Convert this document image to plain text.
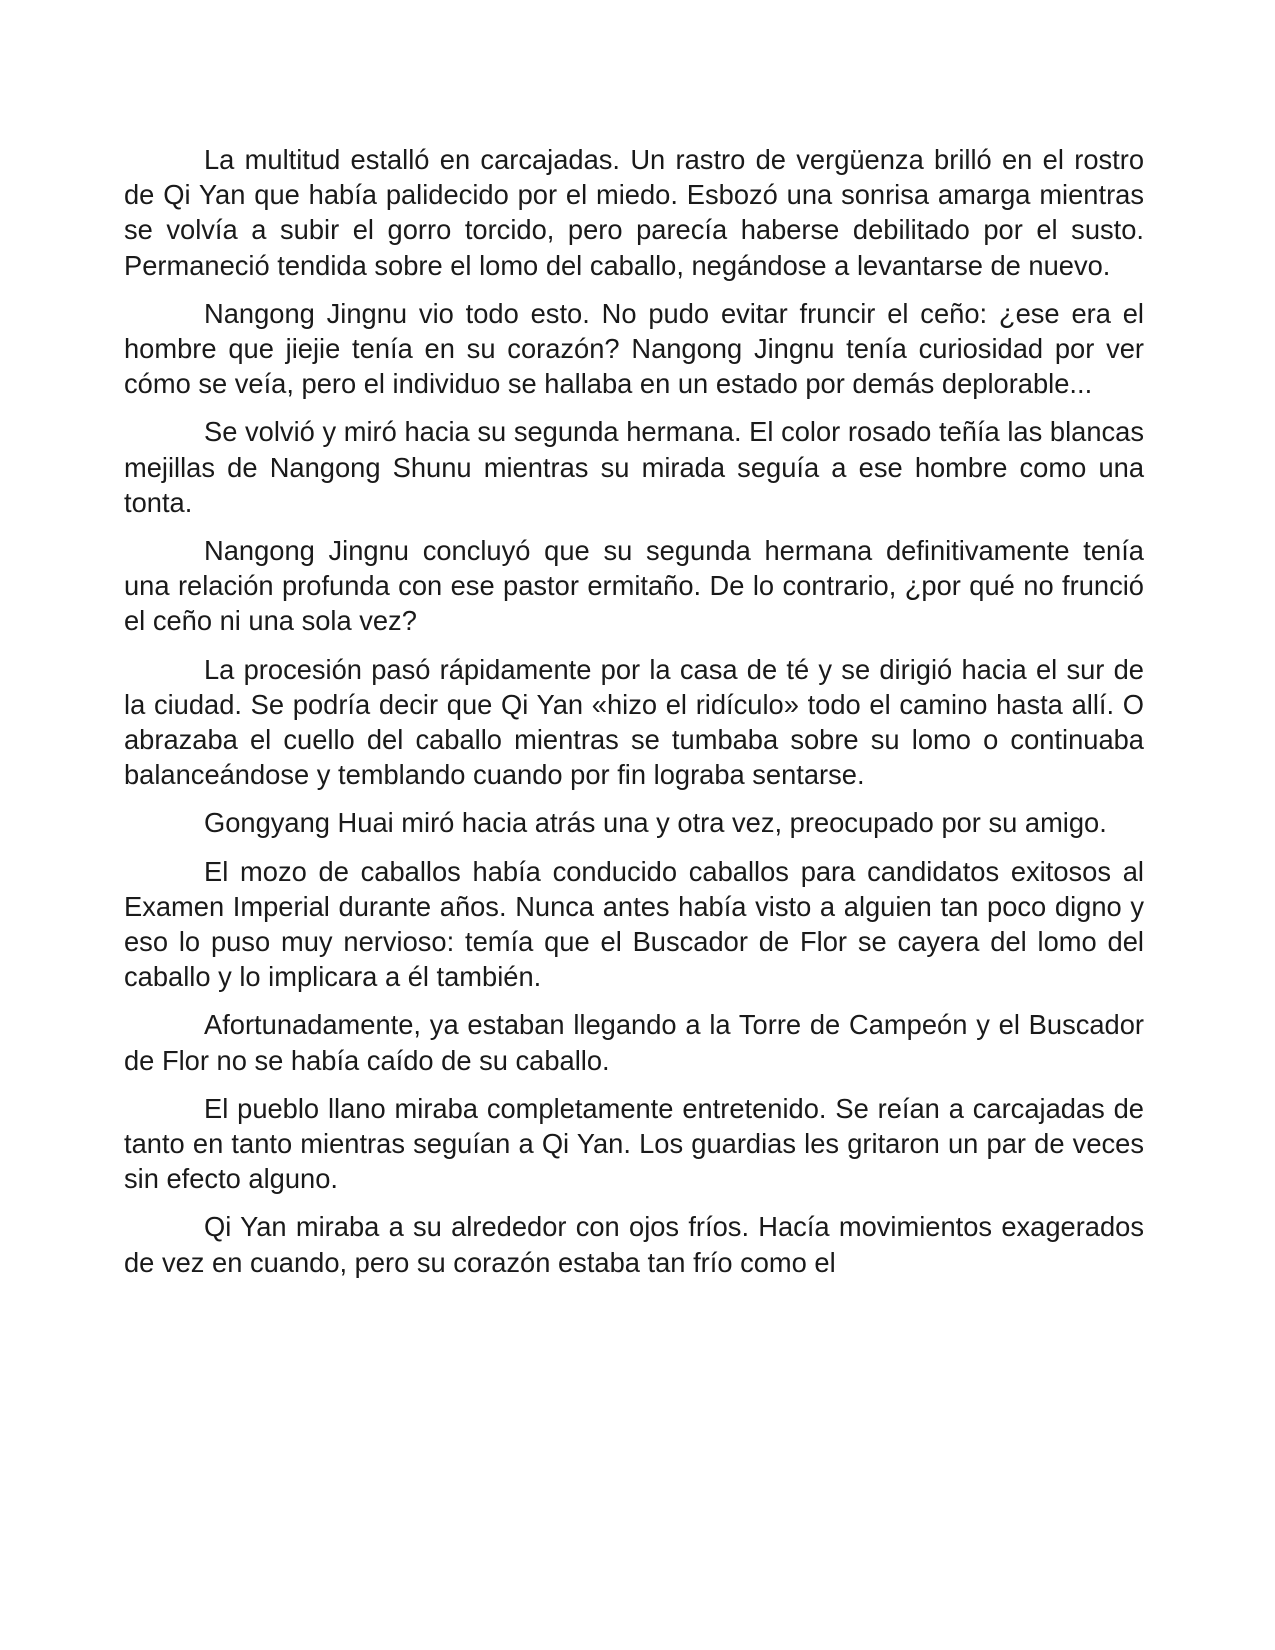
La multitud estalló en carcajadas. Un rastro de vergüenza brilló en el rostro de Qi Yan que había palidecido por el miedo. Esbozó una sonrisa amarga mientras se volvía a subir el gorro torcido, pero parecía haberse debilitado por el susto. Permaneció tendida sobre el lomo del caballo, negándose a levantarse de nuevo.

Nangong Jingnu vio todo esto. No pudo evitar fruncir el ceño: ¿ese era el hombre que jiejie tenía en su corazón? Nangong Jingnu tenía curiosidad por ver cómo se veía, pero el individuo se hallaba en un estado por demás deplorable...

Se volvió y miró hacia su segunda hermana. El color rosado teñía las blancas mejillas de Nangong Shunu mientras su mirada seguía a ese hombre como una tonta.

Nangong Jingnu concluyó que su segunda hermana definitivamente tenía una relación profunda con ese pastor ermitaño. De lo contrario, ¿por qué no frunció el ceño ni una sola vez?

La procesión pasó rápidamente por la casa de té y se dirigió hacia el sur de la ciudad. Se podría decir que Qi Yan «hizo el ridículo» todo el camino hasta allí. O abrazaba el cuello del caballo mientras se tumbaba sobre su lomo o continuaba balanceándose y temblando cuando por fin lograba sentarse.

Gongyang Huai miró hacia atrás una y otra vez, preocupado por su amigo.

El mozo de caballos había conducido caballos para candidatos exitosos al Examen Imperial durante años. Nunca antes había visto a alguien tan poco digno y eso lo puso muy nervioso: temía que el Buscador de Flor se cayera del lomo del caballo y lo implicara a él también.

Afortunadamente, ya estaban llegando a la Torre de Campeón y el Buscador de Flor no se había caído de su caballo.

El pueblo llano miraba completamente entretenido. Se reían a carcajadas de tanto en tanto mientras seguían a Qi Yan. Los guardias les gritaron un par de veces sin efecto alguno.

Qi Yan miraba a su alrededor con ojos fríos. Hacía movimientos exagerados de vez en cuando, pero su corazón estaba tan frío como el
